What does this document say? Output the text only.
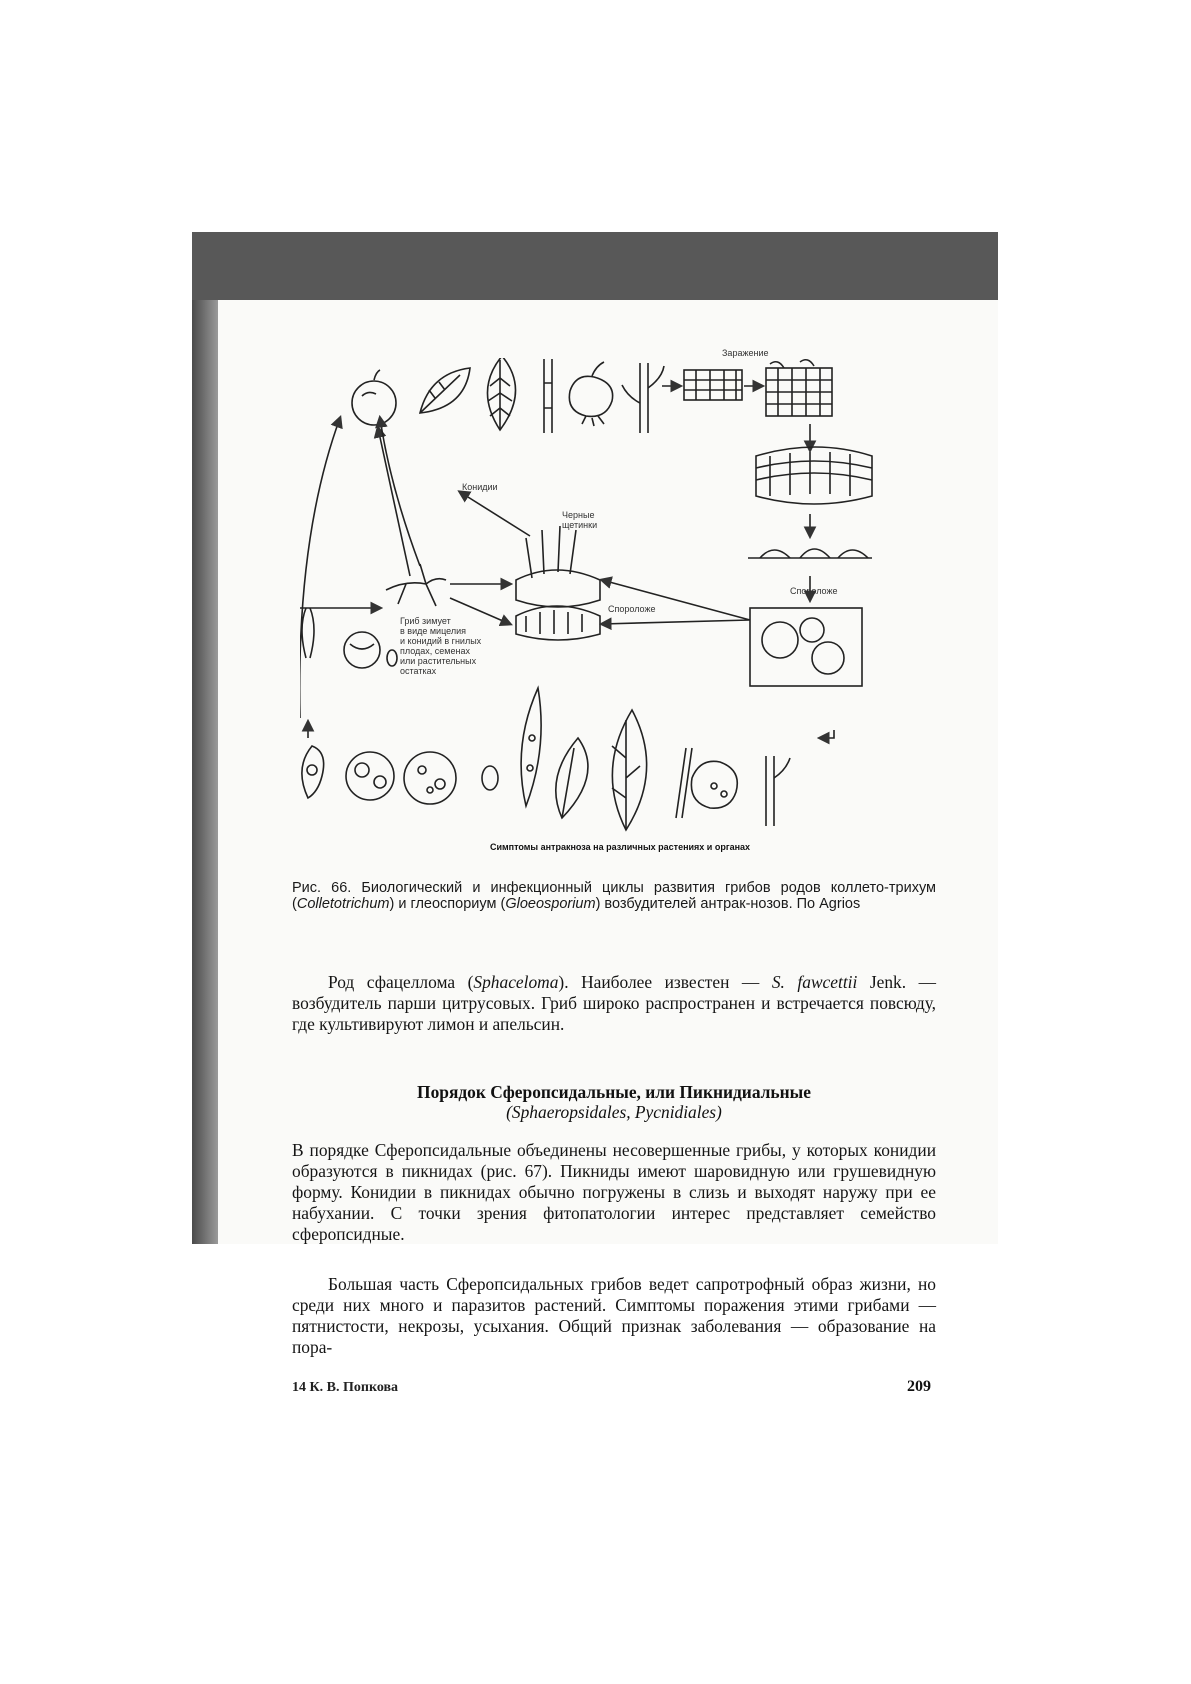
Заражение
Конидии
Черные
щетинки
Спороложе
Спороложе
Гриб зимует
в виде мицелия
и конидий в гнилых
плодах, семенах
или растительных
остатках
Симптомы антракноза на различных растениях и органах
Рис. 66. Биологический и инфекционный циклы развития грибов родов коллето-трихум (Colletotrichum) и глеоспориум (Gloeosporium) возбудителей антрак-нозов. По Agrios

Род сфацеллома (Sphaceloma). Наиболее известен — S. fawcettii Jenk. — возбудитель парши цитрусовых. Гриб широко распространен и встречается повсюду, где культивируют лимон и апельсин.

Порядок Сферопсидальные, или Пикнидиальные
(Sphaeropsidales, Pycnidiales)

В порядке Сферопсидальные объединены несовершенные грибы, у которых конидии образуются в пикнидах (рис. 67). Пикниды имеют шаровидную или грушевидную форму. Конидии в пикнидах обычно погружены в слизь и выходят наружу при ее набухании. С точки зрения фитопатологии интерес представляет семейство сферопсидные.

Большая часть Сферопсидальных грибов ведет сапротрофный образ жизни, но среди них много и паразитов растений. Симптомы поражения этими грибами — пятнистости, некрозы, усыхания. Общий признак заболевания — образование на пора-

14 К. В. Попкова	209
